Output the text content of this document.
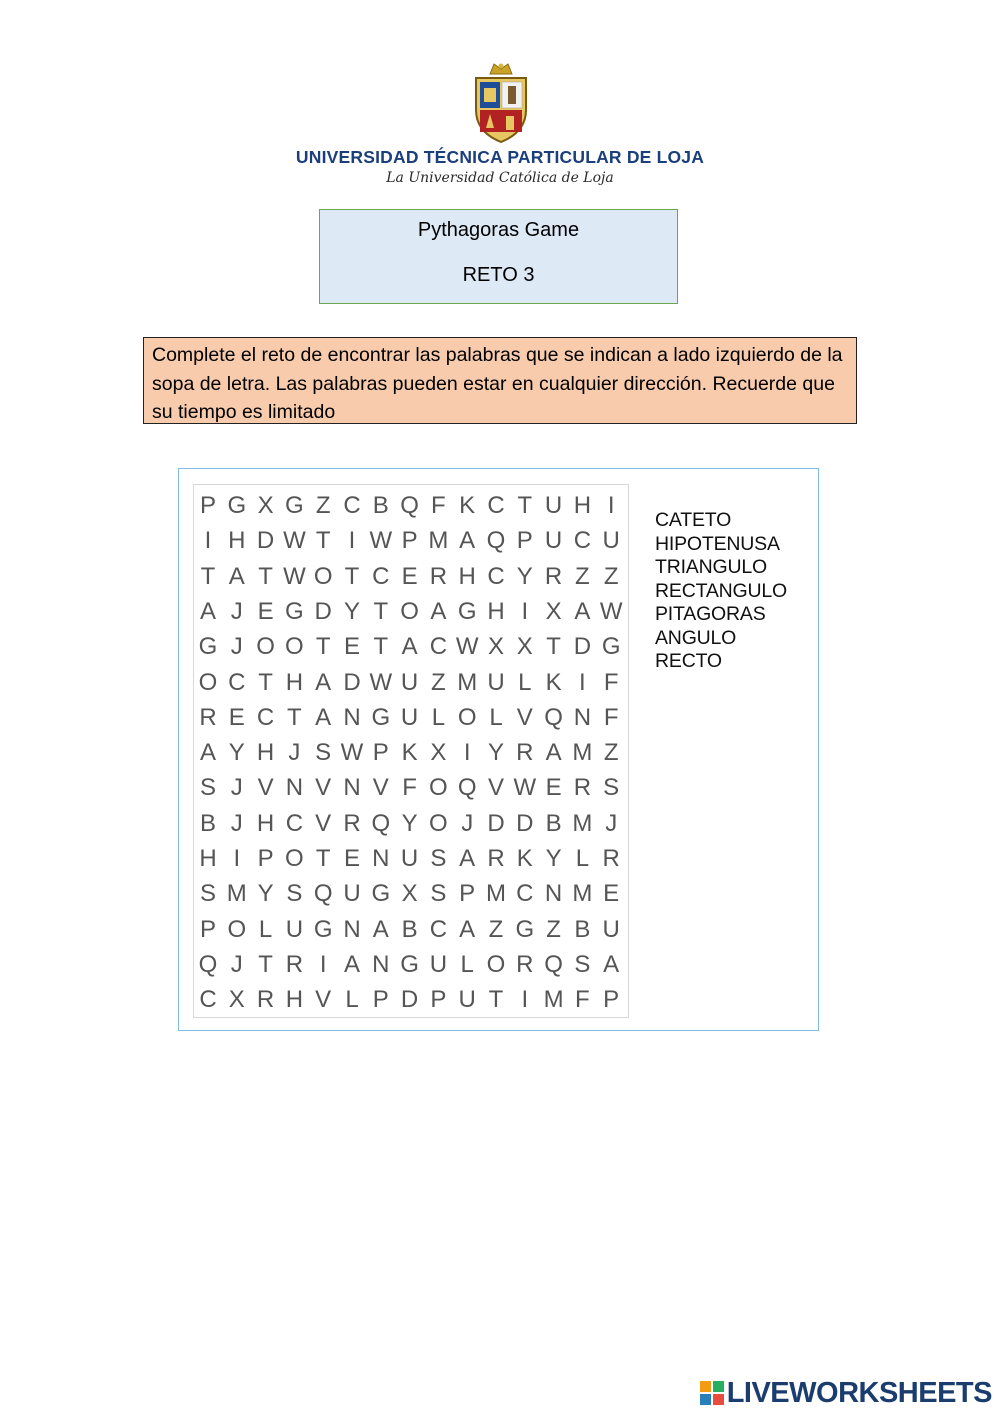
UNIVERSIDAD TÉCNICA PARTICULAR DE LOJA
La Universidad Católica de Loja
Pythagoras Game
RETO 3
Complete el reto de encontrar las palabras que se indican a lado izquierdo de la sopa de letra. Las palabras pueden estar en cualquier dirección. Recuerde que su tiempo es limitado
P G X G Z C B Q F K C T U H I
I H D W T I W P M A Q P U C U
T A T W O T C E R H C Y R Z Z
A J E G D Y T O A G H I X A W
G J O O T E T A C W X X T D G
O C T H A D W U Z M U L K I F
R E C T A N G U L O L V Q N F
A Y H J S W P K X I Y R A M Z
S J V N V N V F O Q V W E R S
B J H C V R Q Y O J D D B M J
H I P O T E N U S A R K Y L R
S M Y S Q U G X S P M C N M E
P O L U G N A B C A Z G Z B U
Q J T R I A N G U L O R Q S A
C X R H V L P D P U T I M F P
CATETO
HIPOTENUSA
TRIANGULO
RECTANGULO
PITAGORAS
ANGULO
RECTO
LIVEWORKSHEETS
